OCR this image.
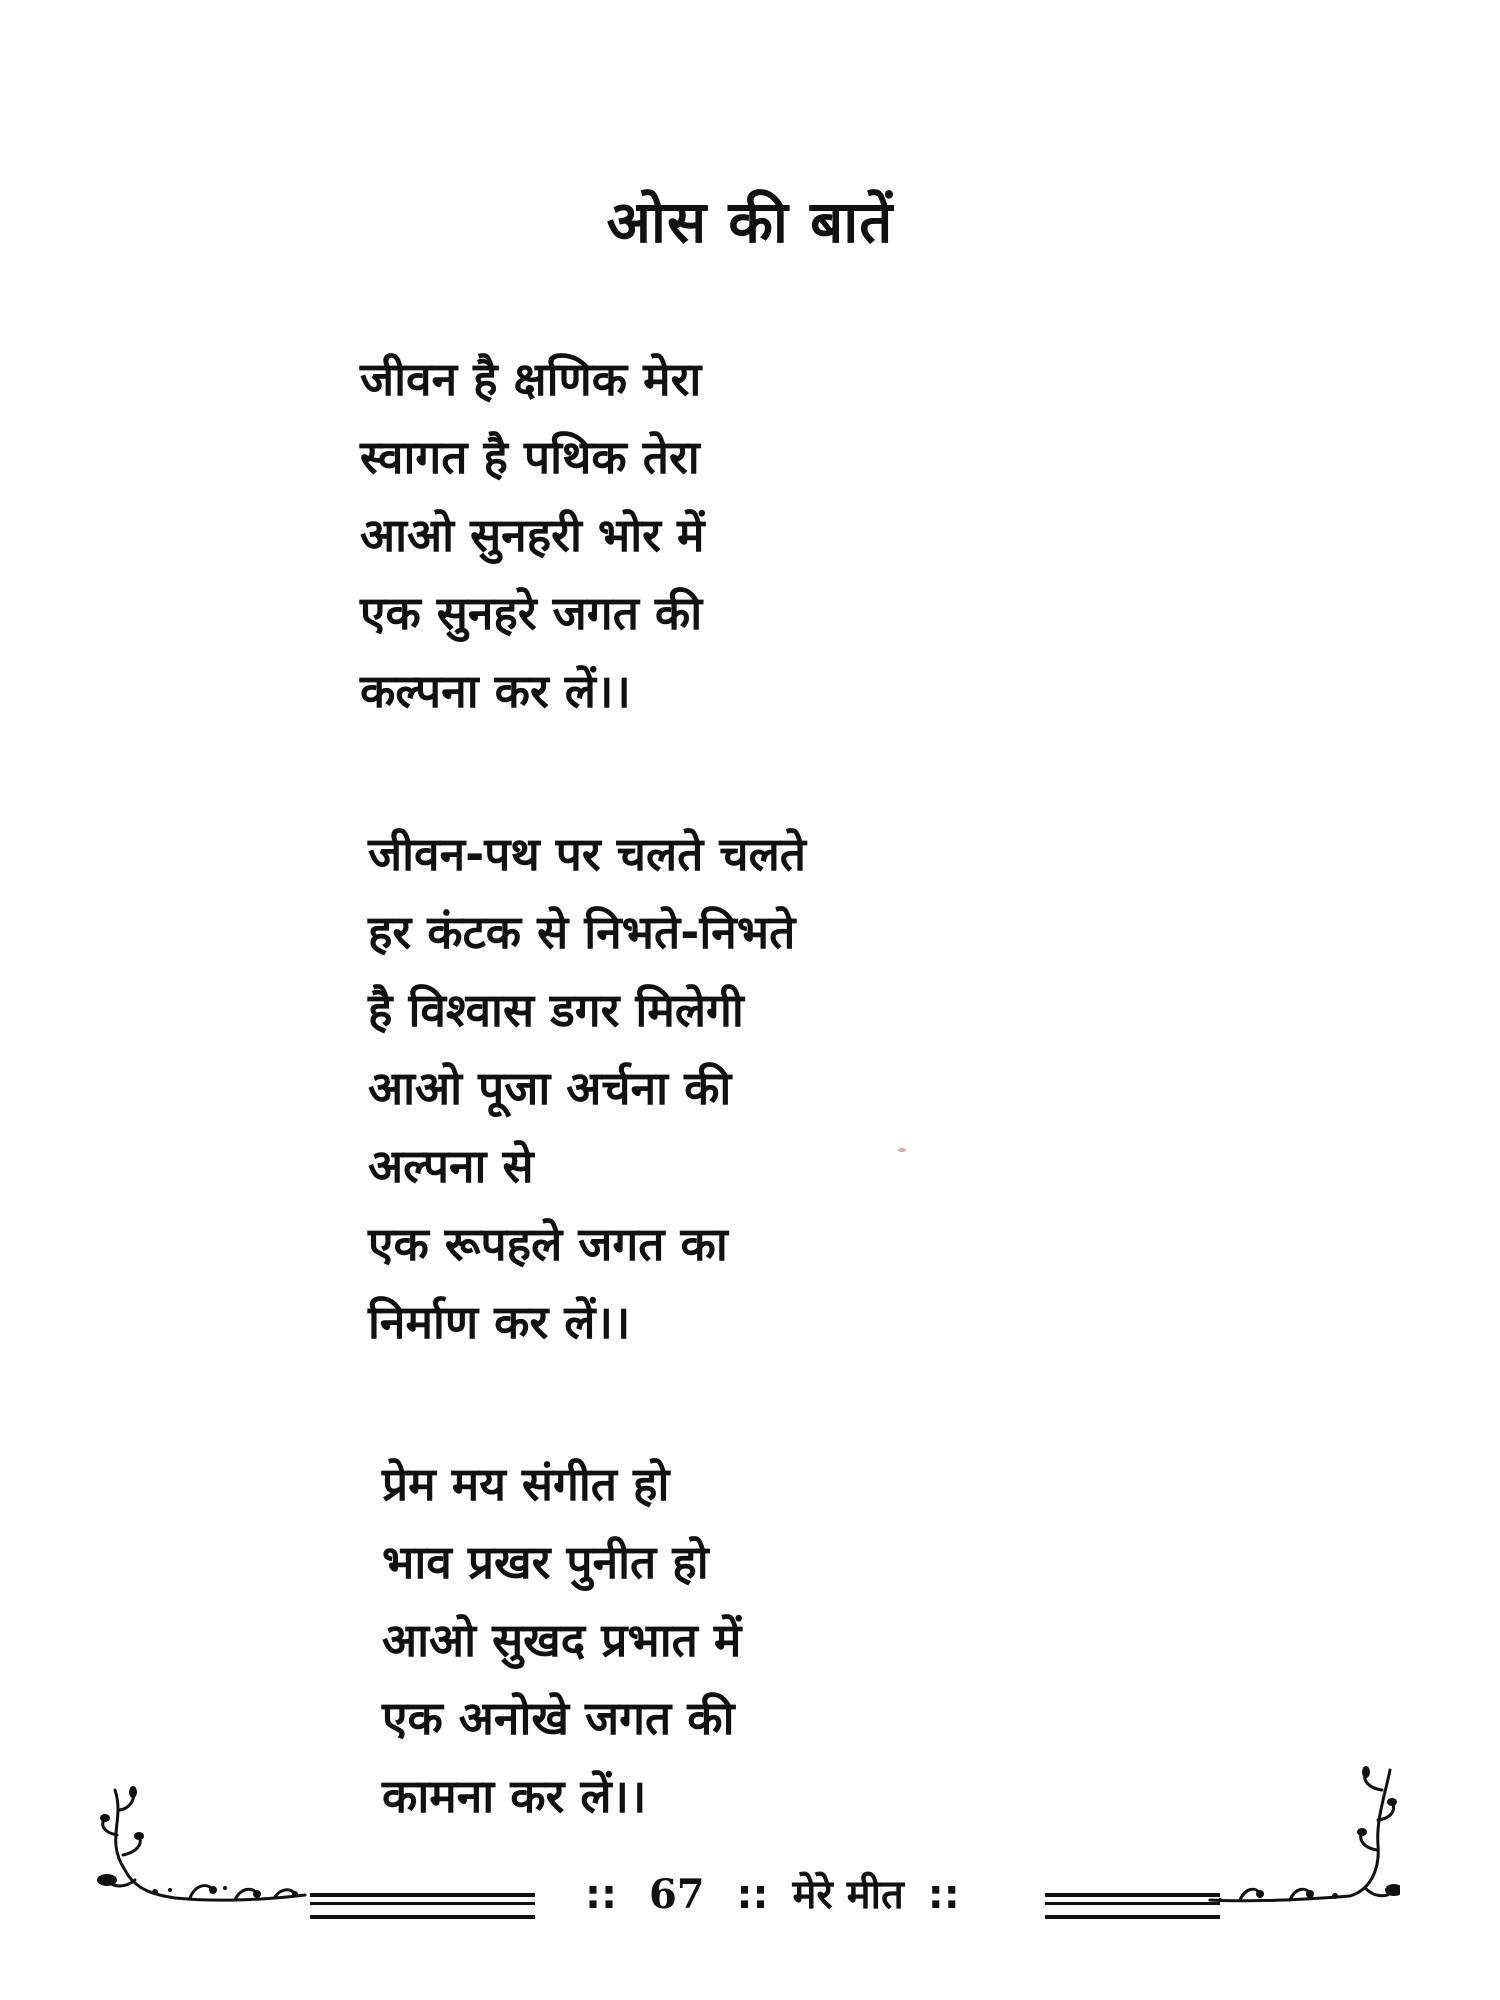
ओस की बातें
जीवन है क्षणिक मेरा
स्वागत है पथिक तेरा
आओ सुनहरी भोर में
एक सुनहरे जगत की
कल्पना कर लें।।
जीवन-पथ पर चलते चलते
हर कंटक से निभते-निभते
है विश्वास डगर मिलेगी
आओ पूजा अर्चना की
अल्पना से
एक रूपहले जगत का
निर्माण कर लें।।
प्रेम मय संगीत हो
भाव प्रखर पुनीत हो
आओ सुखद प्रभात में
एक अनोखे जगत की
कामना कर लें।।
:: 67 :: मेरे मीत ::
